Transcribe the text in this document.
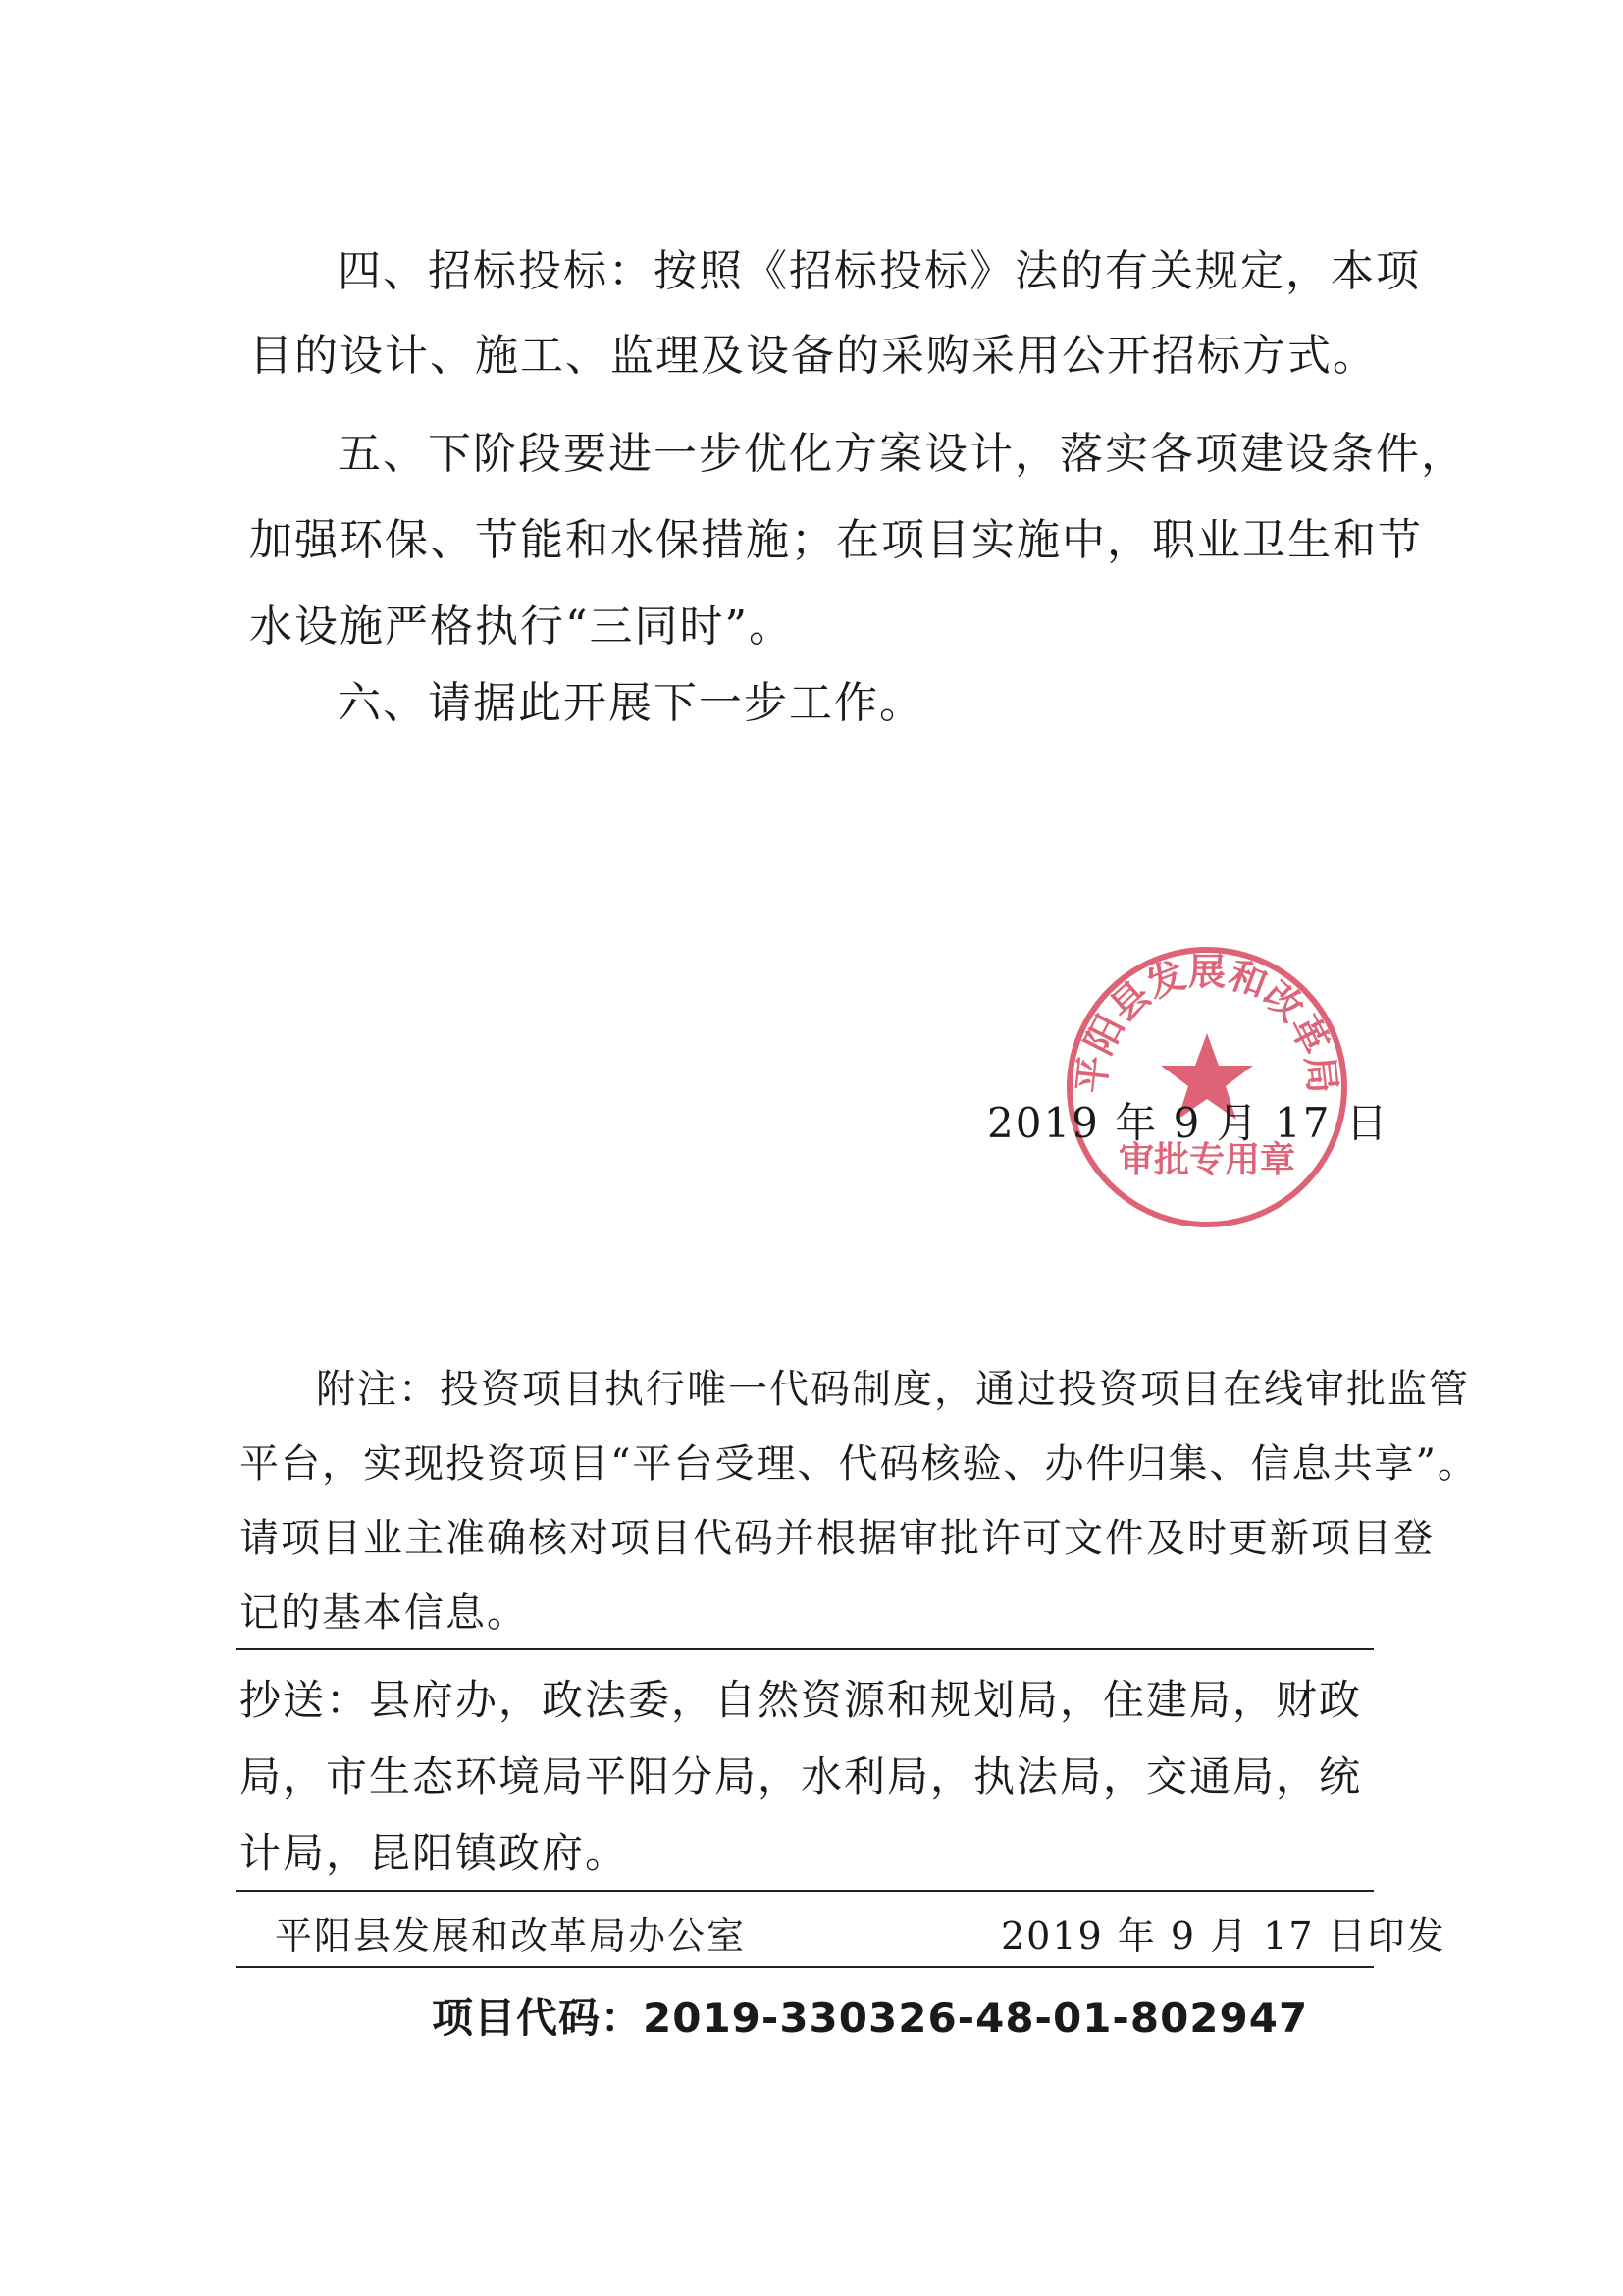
四、招标投标：按照《招标投标》法的有关规定，本项
目的设计、施工、监理及设备的采购采用公开招标方式。
五、下阶段要进一步优化方案设计，落实各项建设条件，
加强环保、节能和水保措施；在项目实施中，职业卫生和节
水设施严格执行“三同时”。
六、请据此开展下一步工作。
平阳县发展和改革局
审批专用章
2019 年 9 月 17 日
附注：投资项目执行唯一代码制度，通过投资项目在线审批监管
平台，实现投资项目“平台受理、代码核验、办件归集、信息共享”。
请项目业主准确核对项目代码并根据审批许可文件及时更新项目登
记的基本信息。
抄送：县府办，政法委，自然资源和规划局，住建局，财政
局，市生态环境局平阳分局，水利局，执法局，交通局，统
计局，昆阳镇政府。
平阳县发展和改革局办公室	2019 年 9 月 17 日印发
项目代码：2019-330326-48-01-802947
